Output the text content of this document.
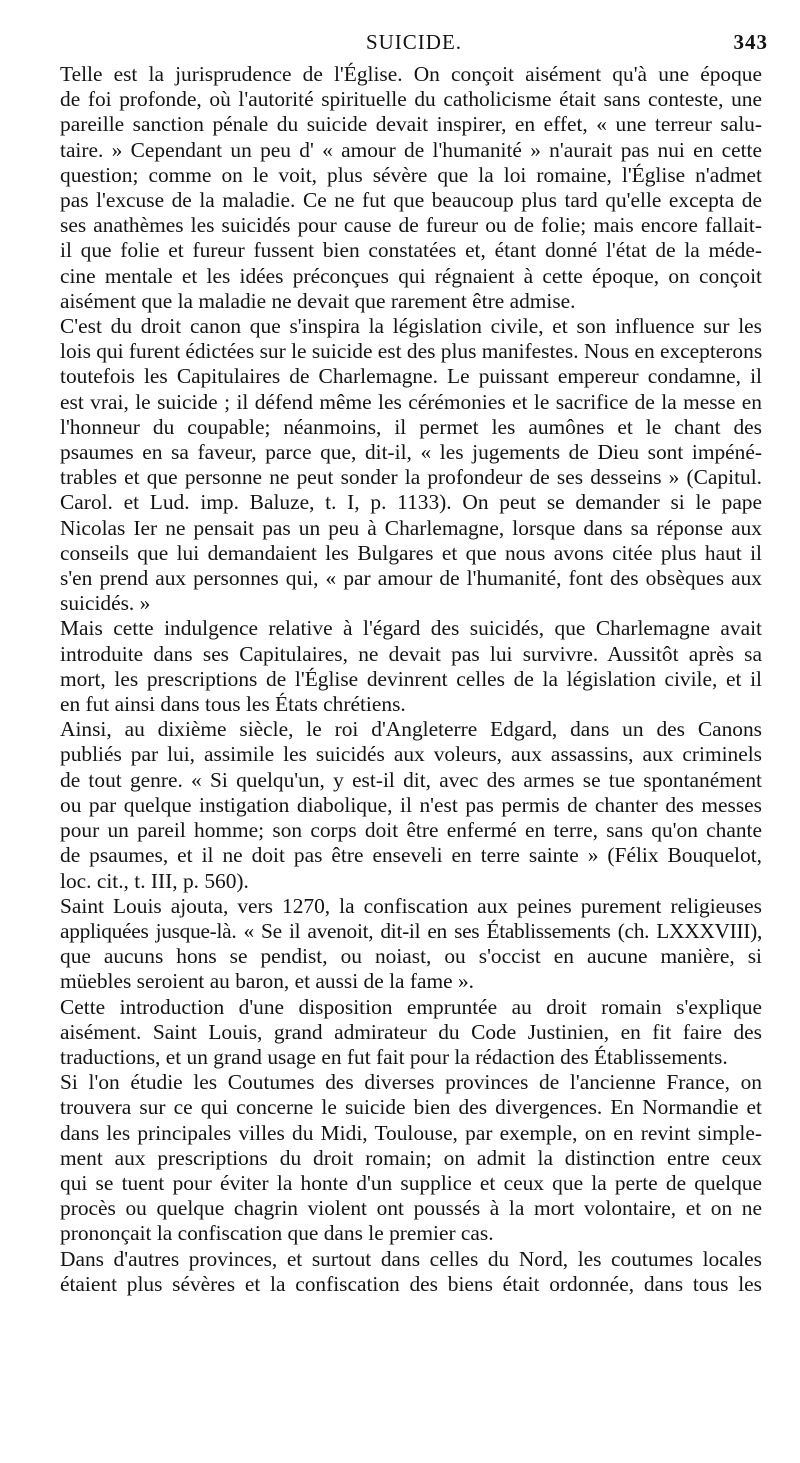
SUICIDE.	343
Telle est la jurisprudence de l'Église. On conçoit aisément qu'à une époque
de foi profonde, où l'autorité spirituelle du catholicisme était sans conteste, une
pareille sanction pénale du suicide devait inspirer, en effet, « une terreur salu-
taire. » Cependant un peu d' « amour de l'humanité » n'aurait pas nui en cette
question; comme on le voit, plus sévère que la loi romaine, l'Église n'admet
pas l'excuse de la maladie. Ce ne fut que beaucoup plus tard qu'elle excepta de
ses anathèmes les suicidés pour cause de fureur ou de folie; mais encore fallait-
il que folie et fureur fussent bien constatées et, étant donné l'état de la méde-
cine mentale et les idées préconçues qui régnaient à cette époque, on conçoit
aisément que la maladie ne devait que rarement être admise.
C'est du droit canon que s'inspira la législation civile, et son influence sur les
lois qui furent édictées sur le suicide est des plus manifestes. Nous en excepterons
toutefois les Capitulaires de Charlemagne. Le puissant empereur condamne, il
est vrai, le suicide ; il défend même les cérémonies et le sacrifice de la messe en
l'honneur du coupable; néanmoins, il permet les aumônes et le chant des
psaumes en sa faveur, parce que, dit-il, « les jugements de Dieu sont impéné-
trables et que personne ne peut sonder la profondeur de ses desseins » (Capitul.
Carol. et Lud. imp. Baluze, t. I, p. 1133). On peut se demander si le pape
Nicolas Ier ne pensait pas un peu à Charlemagne, lorsque dans sa réponse aux
conseils que lui demandaient les Bulgares et que nous avons citée plus haut il
s'en prend aux personnes qui, « par amour de l'humanité, font des obsèques aux
suicidés. »
Mais cette indulgence relative à l'égard des suicidés, que Charlemagne avait
introduite dans ses Capitulaires, ne devait pas lui survivre. Aussitôt après sa
mort, les prescriptions de l'Église devinrent celles de la législation civile, et il
en fut ainsi dans tous les États chrétiens.
Ainsi, au dixième siècle, le roi d'Angleterre Edgard, dans un des Canons
publiés par lui, assimile les suicidés aux voleurs, aux assassins, aux criminels
de tout genre. « Si quelqu'un, y est-il dit, avec des armes se tue spontanément
ou par quelque instigation diabolique, il n'est pas permis de chanter des messes
pour un pareil homme; son corps doit être enfermé en terre, sans qu'on chante
de psaumes, et il ne doit pas être enseveli en terre sainte » (Félix Bouquelot,
loc. cit., t. III, p. 560).
Saint Louis ajouta, vers 1270, la confiscation aux peines purement religieuses
appliquées jusque-là. « Se il avenoit, dit-il en ses Établissements (ch. LXXXVIII),
que aucuns hons se pendist, ou noiast, ou s'occist en aucune manière, si
müebles seroient au baron, et aussi de la fame ».
Cette introduction d'une disposition empruntée au droit romain s'explique
aisément. Saint Louis, grand admirateur du Code Justinien, en fit faire des
traductions, et un grand usage en fut fait pour la rédaction des Établissements.
Si l'on étudie les Coutumes des diverses provinces de l'ancienne France, on
trouvera sur ce qui concerne le suicide bien des divergences. En Normandie et
dans les principales villes du Midi, Toulouse, par exemple, on en revint simple-
ment aux prescriptions du droit romain; on admit la distinction entre ceux
qui se tuent pour éviter la honte d'un supplice et ceux que la perte de quelque
procès ou quelque chagrin violent ont poussés à la mort volontaire, et on ne
prononçait la confiscation que dans le premier cas.
Dans d'autres provinces, et surtout dans celles du Nord, les coutumes locales
étaient plus sévères et la confiscation des biens était ordonnée, dans tous les
